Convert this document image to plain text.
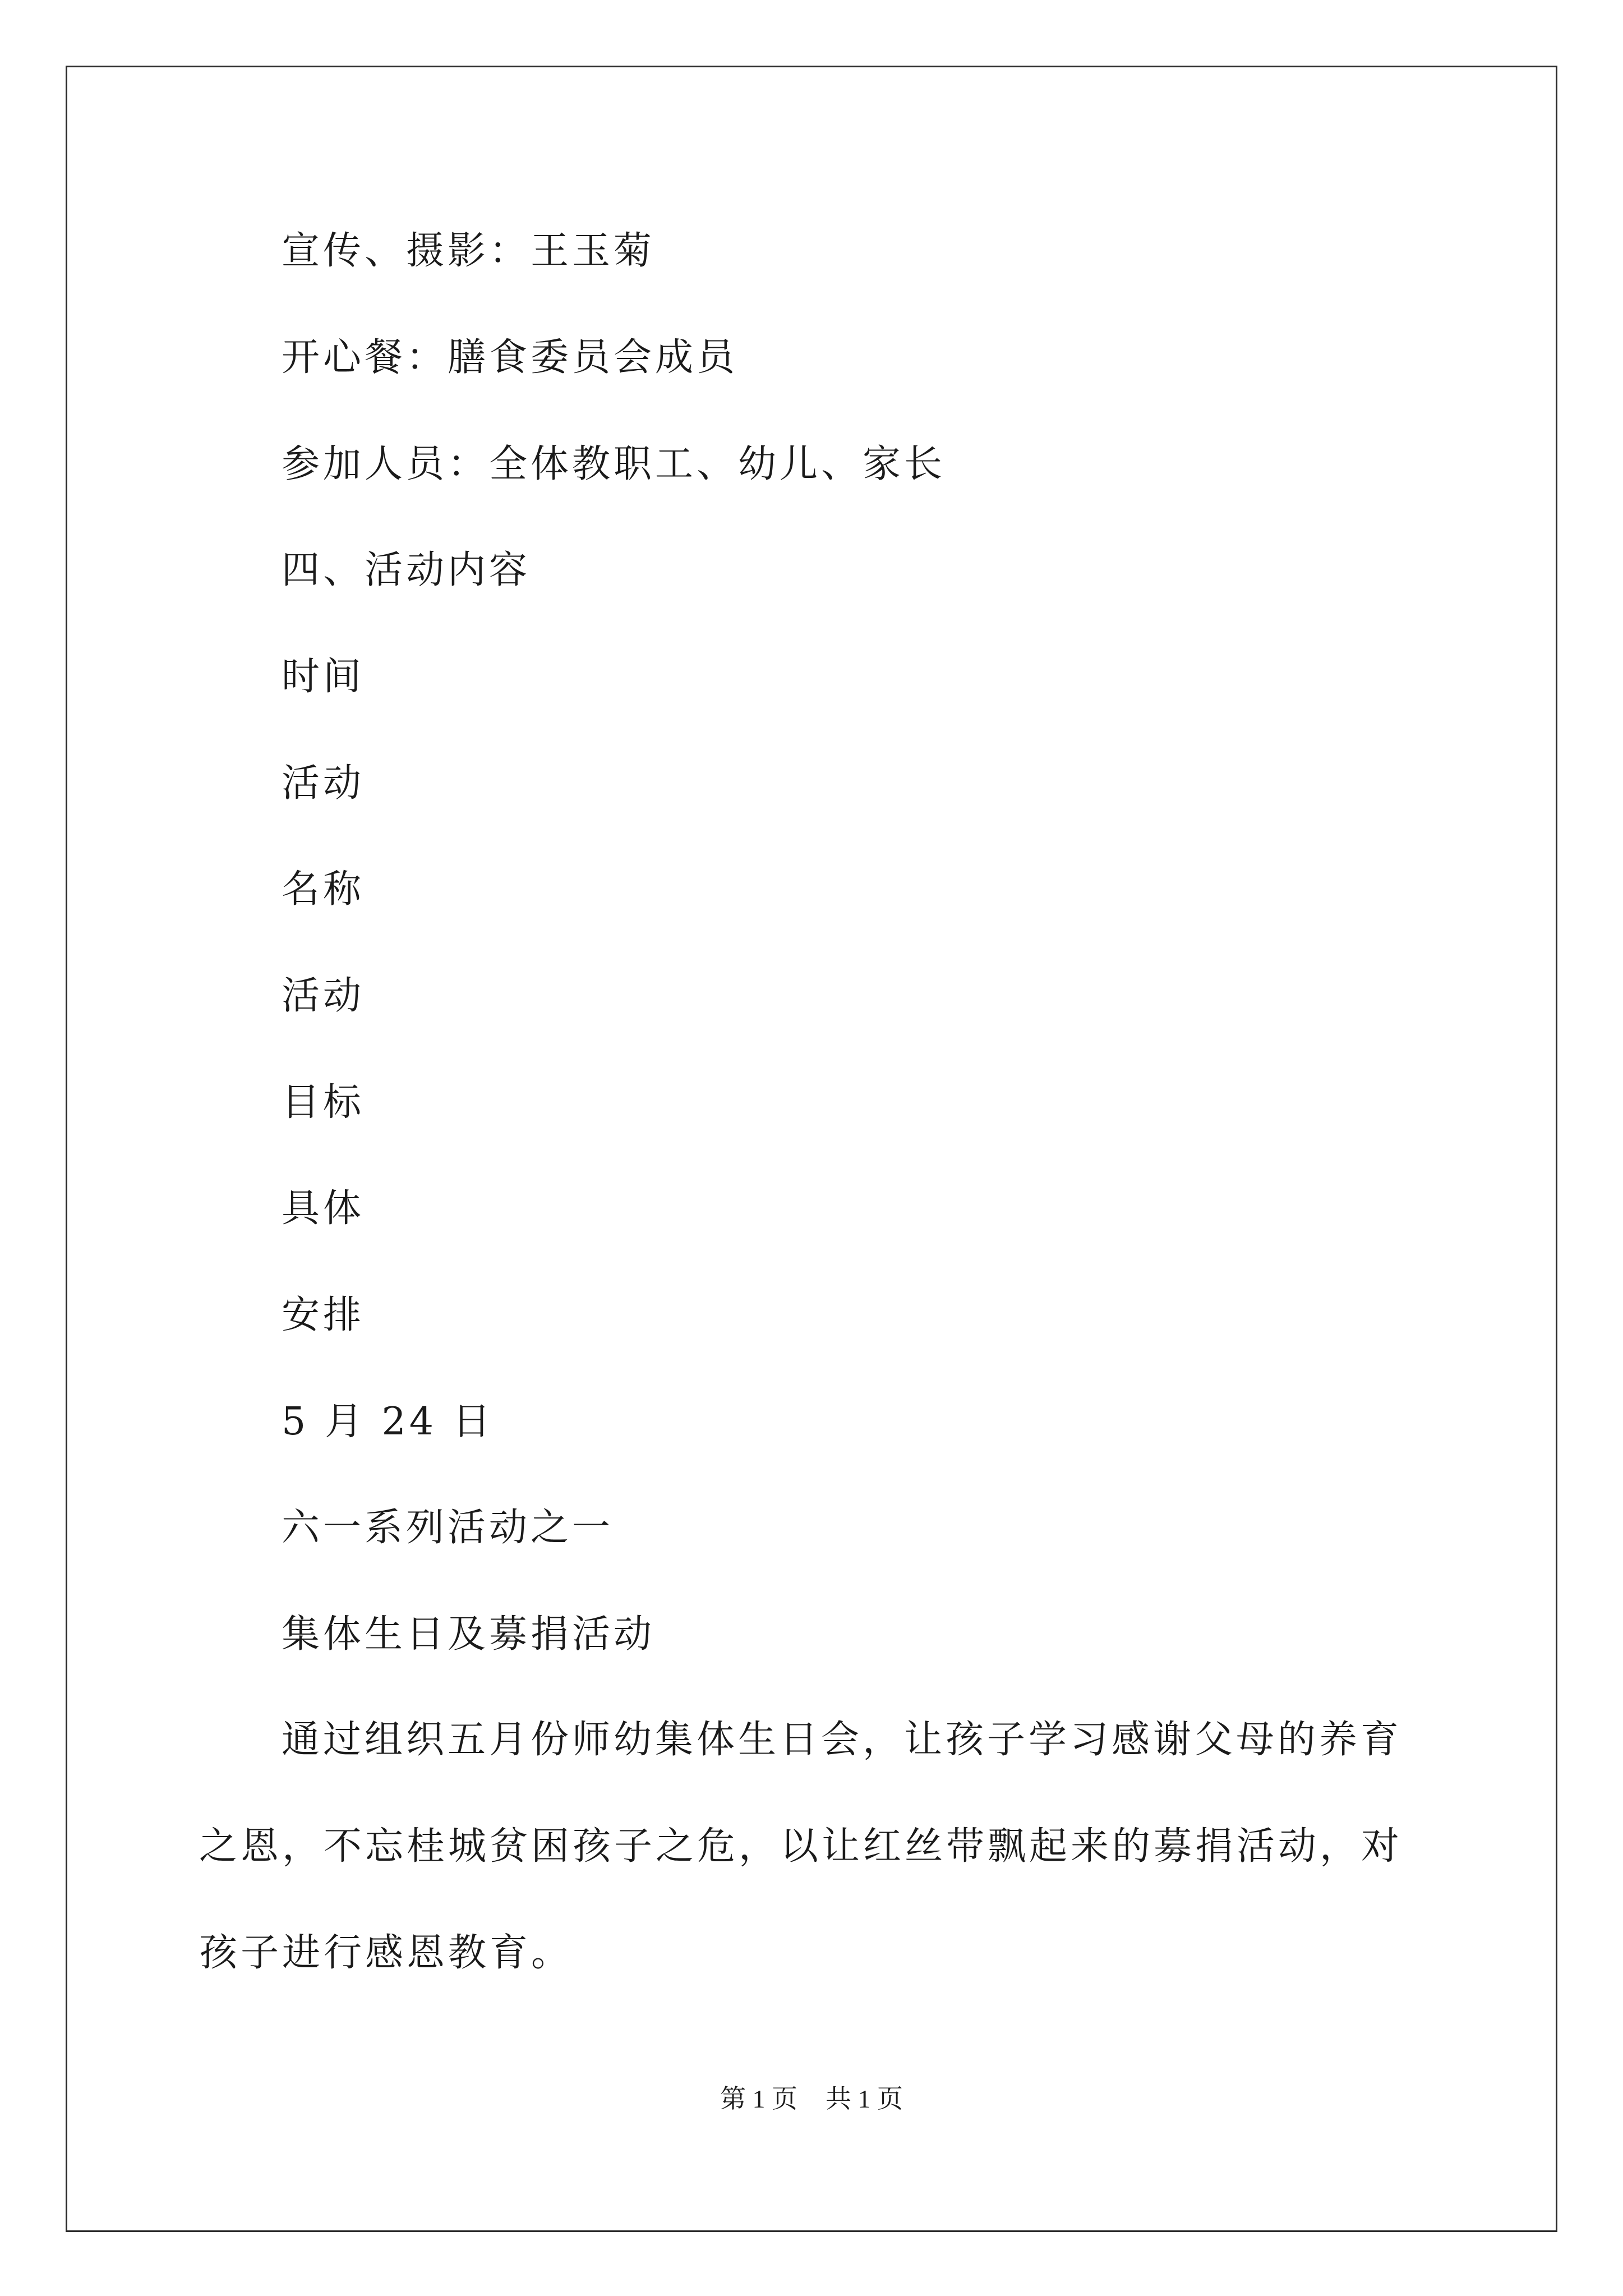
宣传、摄影：王玉菊
开心餐：膳食委员会成员
参加人员：全体教职工、幼儿、家长
四、活动内容
时间
活动
名称
活动
目标
具体
安排
5 月 24 日
六一系列活动之一
集体生日及募捐活动

通过组织五月份师幼集体生日会，让孩子学习感谢父母的养育之恩，不忘桂城贫困孩子之危，以让红丝带飘起来的募捐活动，对孩子进行感恩教育。

第 1 页 共 1 页
